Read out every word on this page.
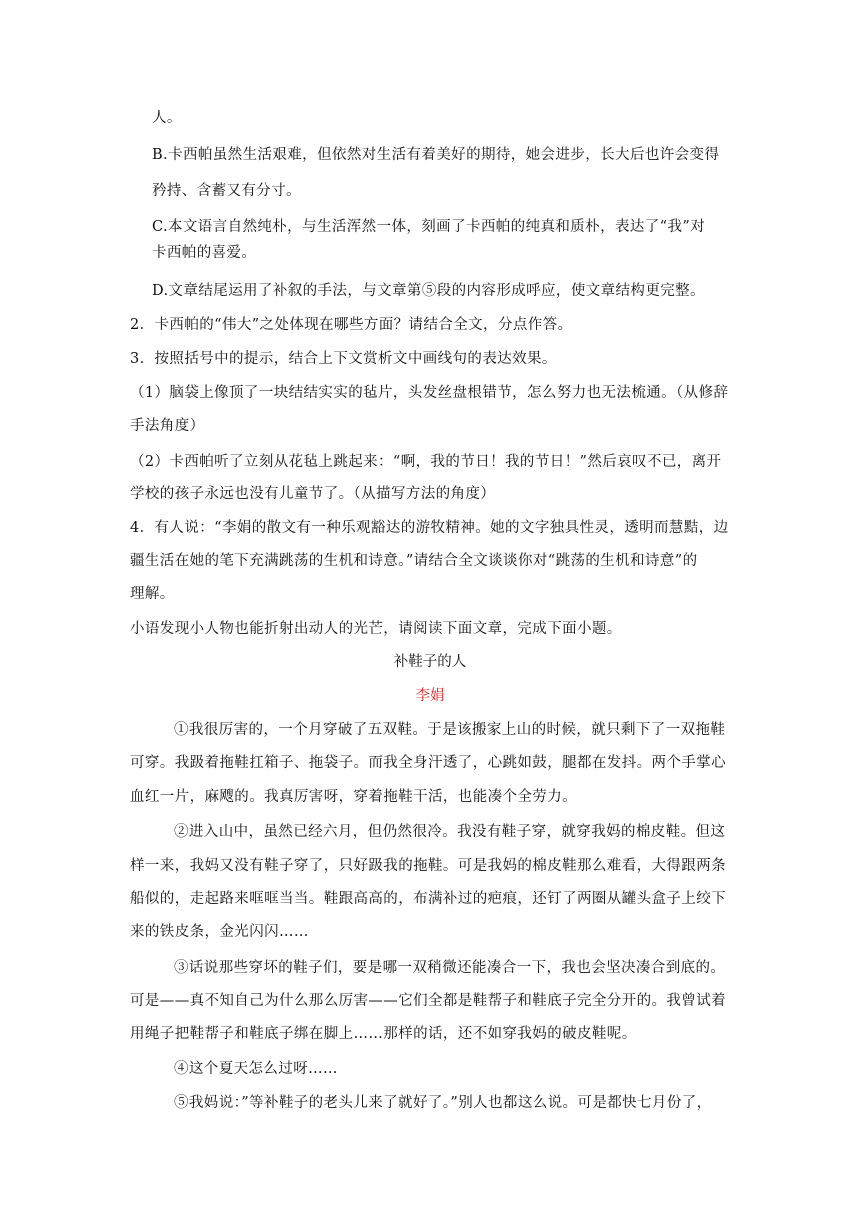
人。
B.卡西帕虽然生活艰难，但依然对生活有着美好的期待，她会进步，长大后也许会变得
矜持、含蓄又有分寸。
C.本文语言自然纯朴，与生活浑然一体，刻画了卡西帕的纯真和质朴，表达了“我”对
卡西帕的喜爱。
D.文章结尾运用了补叙的手法，与文章第⑤段的内容形成呼应，使文章结构更完整。
2．卡西帕的“伟大”之处体现在哪些方面？请结合全文，分点作答。
3．按照括号中的提示，结合上下文赏析文中画线句的表达效果。
（1）脑袋上像顶了一块结结实实的毡片，头发丝盘根错节，怎么努力也无法梳通。（从修辞
手法角度）
（2）卡西帕听了立刻从花毡上跳起来：“啊，我的节日！我的节日！”然后哀叹不已，离开
学校的孩子永远也没有儿童节了。（从描写方法的角度）
4．有人说：“李娟的散文有一种乐观豁达的游牧精神。她的文字独具性灵，透明而慧黠，边
疆生活在她的笔下充满跳荡的生机和诗意。”请结合全文谈谈你对“跳荡的生机和诗意”的
理解。
小语发现小人物也能折射出动人的光芒，请阅读下面文章，完成下面小题。
补鞋子的人
李娟
①我很厉害的，一个月穿破了五双鞋。于是该搬家上山的时候，就只剩下了一双拖鞋
可穿。我趿着拖鞋扛箱子、拖袋子。而我全身汗透了，心跳如鼓，腿都在发抖。两个手掌心
血红一片，麻飕的。我真厉害呀，穿着拖鞋干活，也能凑个全劳力。
②进入山中，虽然已经六月，但仍然很冷。我没有鞋子穿，就穿我妈的棉皮鞋。但这
样一来，我妈又没有鞋子穿了，只好趿我的拖鞋。可是我妈的棉皮鞋那么难看，大得跟两条
船似的，走起路来哐哐当当。鞋跟高高的，布满补过的疤痕，还钉了两圈从罐头盒子上绞下
来的铁皮条，金光闪闪……
③话说那些穿坏的鞋子们，要是哪一双稍微还能凑合一下，我也会坚决凑合到底的。
可是——真不知自己为什么那么厉害——它们全都是鞋帮子和鞋底子完全分开的。我曾试着
用绳子把鞋帮子和鞋底子绑在脚上……那样的话，还不如穿我妈的破皮鞋呢。
④这个夏天怎么过呀……
⑤我妈说：”等补鞋子的老头儿来了就好了。”别人也都这么说。可是都快七月份了，
